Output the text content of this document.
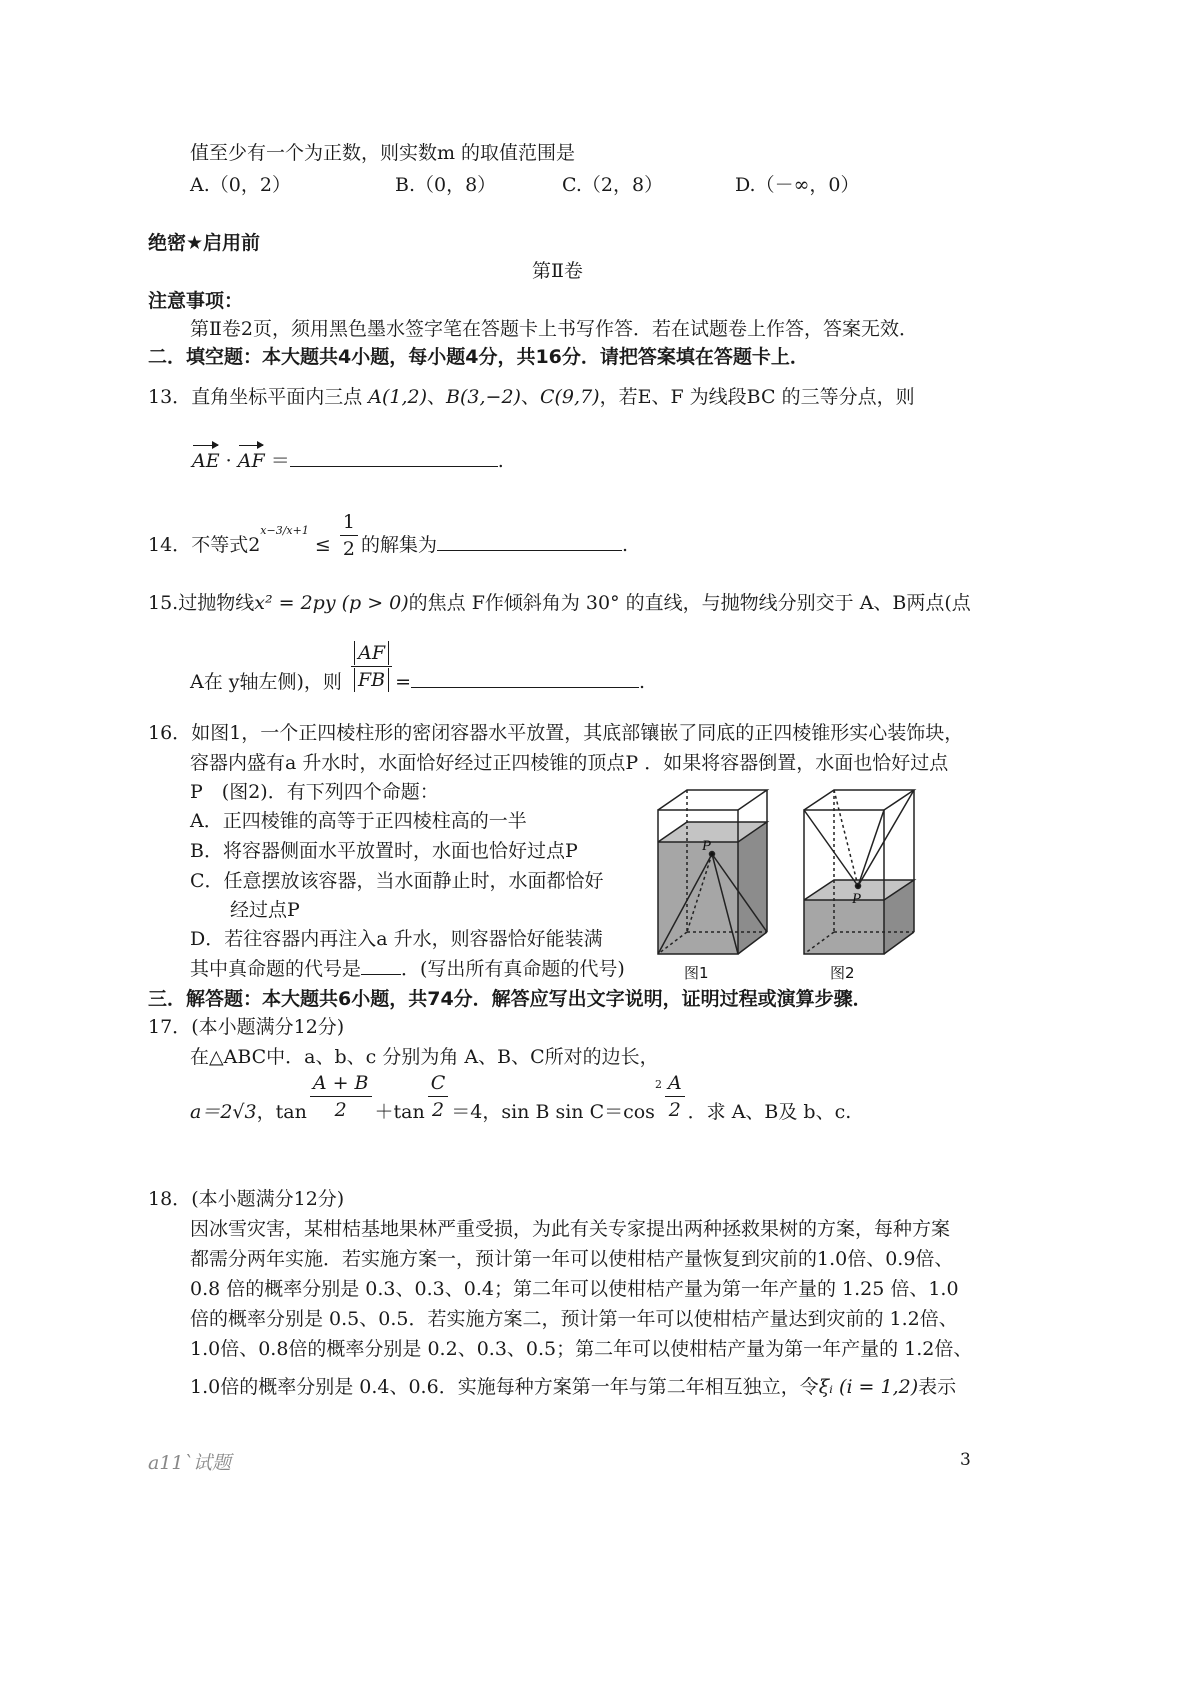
值至少有一个为正数，则实数m 的取值范围是
A.（0，2）	B.（0，8）	C.（2，8）	D.（－∞，0）
绝密★启用前
第Ⅱ卷
注意事项：
第Ⅱ卷2页，须用黑色墨水签字笔在答题卡上书写作答．若在试题卷上作答，答案无效．
二．填空题：本大题共4小题，每小题4分，共16分．请把答案填在答题卡上．
13．直角坐标平面内三点 A(1,2)、B(3,−2)、C(9,7)，若E、F 为线段BC 的三等分点，则
AE · AF ＝	.
14．不等式$2^{x-3/x+1} \le \frac{1}{2}$ 的解集为	.
15.过抛物线x² = 2py (p > 0)的焦点 F作倾斜角为 30° 的直线，与抛物线分别交于 A、B两点(点
A在 y轴左侧)，则 $\frac{AF}{FB}$ =	.
16．如图1，一个正四棱柱形的密闭容器水平放置，其底部镶嵌了同底的正四棱锥形实心装饰块，
容器内盛有a 升水时，水面恰好经过正四棱锥的顶点P ．如果将容器倒置，水面也恰好过点
P　(图2)．有下列四个命题：
A．正四棱锥的高等于正四棱柱高的一半
B．将容器侧面水平放置时，水面也恰好过点P
C．任意摆放该容器，当水面静止时，水面都恰好
经过点P
D．若往容器内再注入a 升水，则容器恰好能装满
其中真命题的代号是 ．(写出所有真命题的代号)
P
图1
P
图2
三．解答题：本大题共6小题，共74分．解答应写出文字说明，证明过程或演算步骤．
17．(本小题满分12分)
在△ABC中．a、b、c 分别为角 A、B、C所对的边长，
a＝2√3，$\tan \frac{A + B}{2} +\tan \frac{C}{2} =4$，sin B $\sin C=\cos^2 \frac{A}{2}$ ．求 A、B及 b、c.
18．(本小题满分12分)
因冰雪灾害，某柑桔基地果林严重受损，为此有关专家提出两种拯救果树的方案，每种方案
都需分两年实施．若实施方案一，预计第一年可以使柑桔产量恢复到灾前的1.0倍、0.9倍、
0.8 倍的概率分别是 0.3、0.3、0.4；第二年可以使柑桔产量为第一年产量的 1.25 倍、1.0
倍的概率分别是 0.5、0.5．若实施方案二，预计第一年可以使柑桔产量达到灾前的 1.2倍、
1.0倍、0.8倍的概率分别是 0.2、0.3、0.5；第二年可以使柑桔产量为第一年产量的 1.2倍、
1.0倍的概率分别是 0.4、0.6．实施每种方案第一年与第二年相互独立，令ξᵢ (i = 1,2)表示
a11`试题	3
